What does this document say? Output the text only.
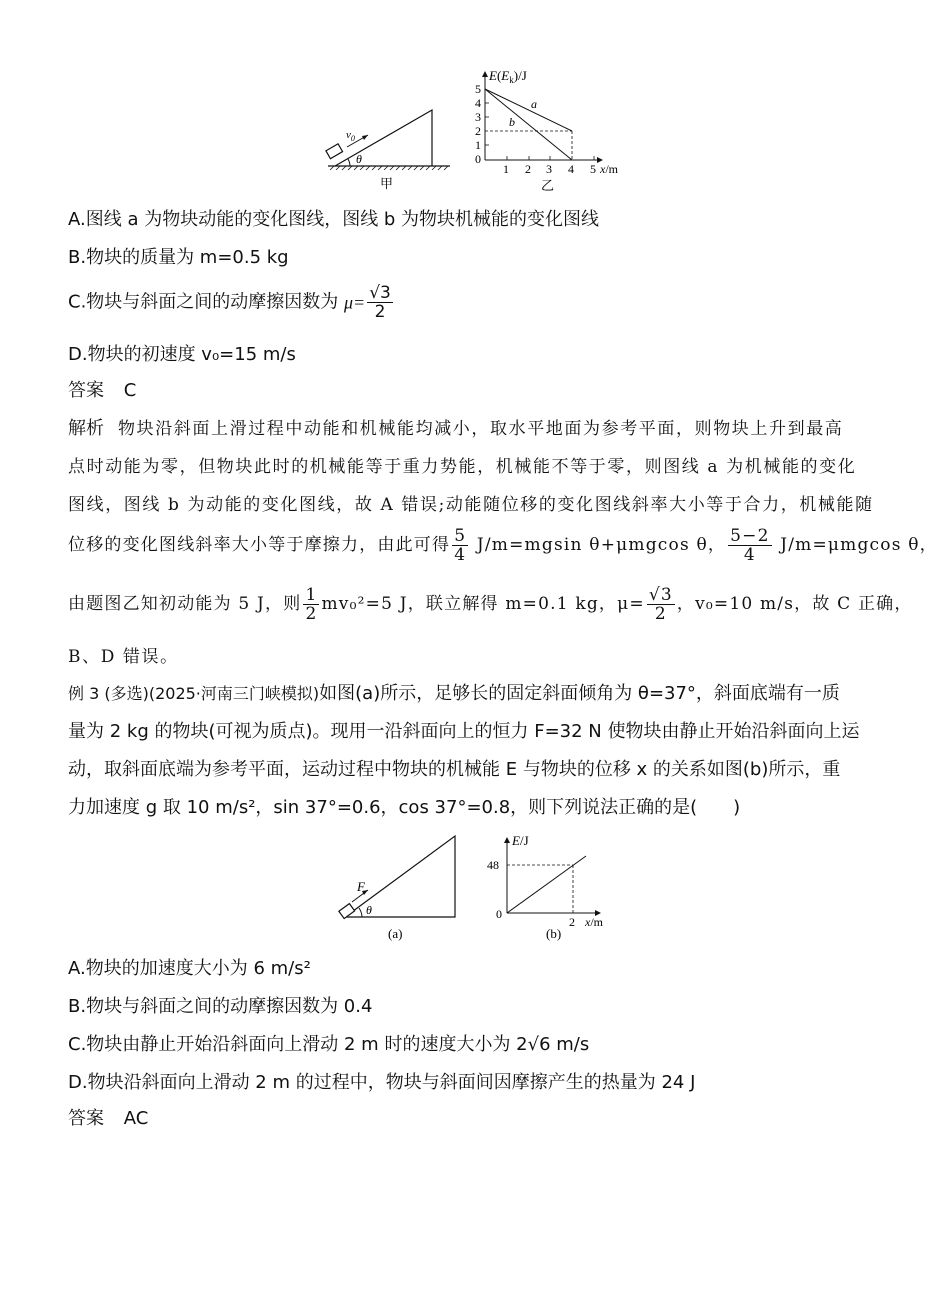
$v_0$
θ
甲
$E(E_k)/J$
5
4
3
2
1
0
1 2 3 4 5 x/m
a
b
乙
A.图线 a 为物块动能的变化图线，图线 b 为物块机械能的变化图线
B.物块的质量为 m=0.5 kg
C.物块与斜面之间的动摩擦因数为 $\mu= \frac{√3}{2}$
D.物块的初速度 v₀=15 m/s
答案 C
解析 物块沿斜面上滑过程中动能和机械能均减小，取水平地面为参考平面，则物块上升到最高
点时动能为零，但物块此时的机械能等于重力势能，机械能不等于零，则图线 a 为机械能的变化
图线，图线 b 为动能的变化图线，故 A 错误;动能随位移的变化图线斜率大小等于合力，机械能随
位移的变化图线斜率大小等于摩擦力，由此可得 $\frac{5}{4} J/m=mgsin$ θ+μmgcos θ， $\frac{5-2}{4} J/m=\mu mgcos$ θ，
由题图乙知初动能为 5 J，则 $\frac{1}{2} mv_0^2=5$ J，联立解得 m=0.1 kg，$\mu= \frac{√3}{2}$ ，v₀=10 m/s，故 C 正确，
B、D 错误。
例 3 (多选)(2025·河南三门峡模拟)如图(a)所示，足够长的固定斜面倾角为 θ=37°，斜面底端有一质
量为 2 kg 的物块(可视为质点)。现用一沿斜面向上的恒力 F=32 N 使物块由静止开始沿斜面向上运
动，取斜面底端为参考平面，运动过程中物块的机械能 E 与物块的位移 x 的关系如图(b)所示，重
力加速度 g 取 10 m/s²，sin 37°=0.6，cos 37°=0.8，则下列说法正确的是(　　)
F
θ
(a)
E/J
48
0
2 x/m
(b)
A.物块的加速度大小为 6 m/s²
B.物块与斜面之间的动摩擦因数为 0.4
C.物块由静止开始沿斜面向上滑动 2 m 时的速度大小为 2√6 m/s
D.物块沿斜面向上滑动 2 m 的过程中，物块与斜面间因摩擦产生的热量为 24 J
答案 AC
